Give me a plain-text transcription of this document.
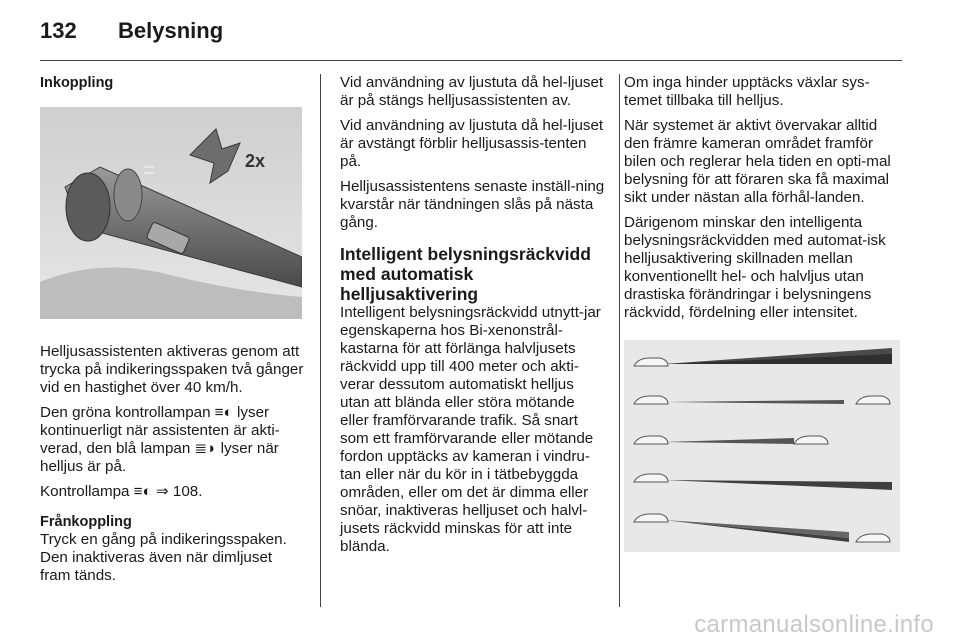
132 Belysning
Inkoppling
2x

Helljusassistenten aktiveras genom att trycka på indikeringsspaken två gånger vid en hastighet över 40 km/h.

Den gröna kontrollampan ≡◐ lyser kontinuerligt när assistenten är akti-verad, den blå lampan ≣◗ lyser när helljus är på.

Kontrollampa ≡◐ ⇒ 108.

Frånkoppling

Tryck en gång på indikeringsspaken. Den inaktiveras även när dimljuset fram tänds.

Vid användning av ljustuta då hel-ljuset är på stängs helljusassistenten av.

Vid användning av ljustuta då hel-ljuset är avstängt förblir helljusassis-tenten på.

Helljusassistentens senaste inställ-ning kvarstår när tändningen slås på nästa gång.

Intelligent belysningsräckvidd med automatisk helljusaktivering

Intelligent belysningsräckvidd utnytt-jar egenskaperna hos Bi-xenonstrål-kastarna för att förlänga halvljusets räckvidd upp till 400 meter och akti-verar dessutom automatiskt helljus utan att blända eller störa mötande eller framförvarande trafik. Så snart som ett framförvarande eller mötande fordon upptäcks av kameran i vindru-tan eller när du kör in i tätbebyggda områden, eller om det är dimma eller snöar, inaktiveras helljuset och halvl-jusets räckvidd minskas för att inte blända.

Om inga hinder upptäcks växlar sys-temet tillbaka till helljus.

När systemet är aktivt övervakar alltid den främre kameran området framför bilen och reglerar hela tiden en opti-mal belysning för att föraren ska få maximal sikt under nästan alla förhål-landen.

Därigenom minskar den intelligenta belysningsräckvidden med automat-isk helljusaktivering skillnaden mellan konventionellt hel- och halvljus utan drastiska förändringar i belysningens räckvidd, fördelning eller intensitet.

carmanualsonline.info
